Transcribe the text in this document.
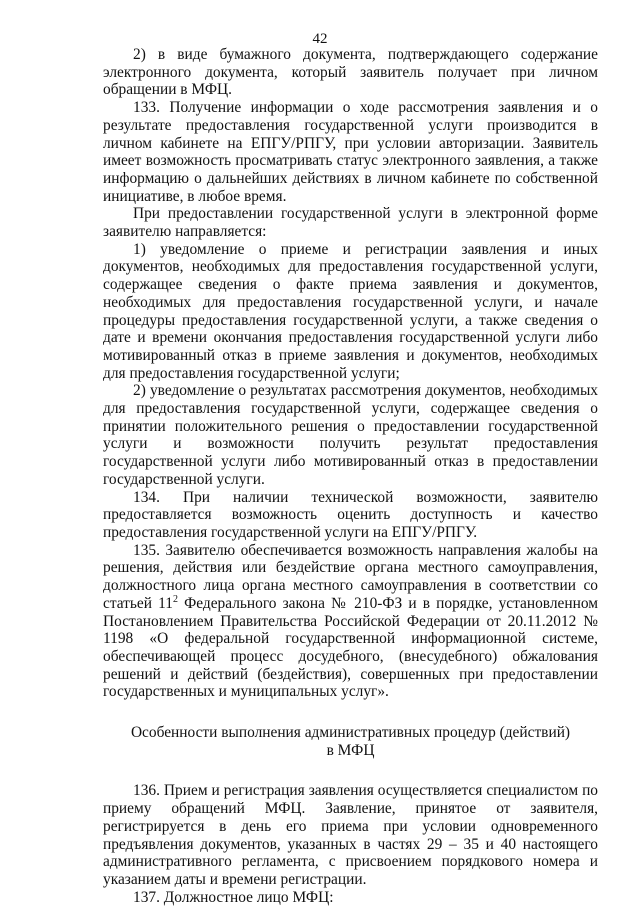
42

2) в виде бумажного документа, подтверждающего содержание электронного документа, который заявитель получает при личном обращении в МФЦ.

133. Получение информации о ходе рассмотрения заявления и о результате предоставления государственной услуги производится в личном кабинете на ЕПГУ/РПГУ, при условии авторизации. Заявитель имеет возможность просматривать статус электронного заявления, а также информацию о дальнейших действиях в личном кабинете по собственной инициативе, в любое время.

При предоставлении государственной услуги в электронной форме заявителю направляется:

1) уведомление о приеме и регистрации заявления и иных документов, необходимых для предоставления государственной услуги, содержащее сведения о факте приема заявления и документов, необходимых для предоставления государственной услуги, и начале процедуры предоставления государственной услуги, а также сведения о дате и времени окончания предоставления государственной услуги либо мотивированный отказ в приеме заявления и документов, необходимых для предоставления государственной услуги;

2) уведомление о результатах рассмотрения документов, необходимых для предоставления государственной услуги, содержащее сведения о принятии положительного решения о предоставлении государственной услуги и возможности получить результат предоставления государственной услуги либо мотивированный отказ в предоставлении государственной услуги.

134. При наличии технической возможности, заявителю предоставляется возможность оценить доступность и качество предоставления государственной услуги на ЕПГУ/РПГУ.

135. Заявителю обеспечивается возможность направления жалобы на решения, действия или бездействие органа местного самоуправления, должностного лица органа местного самоуправления в соответствии со статьей $11^2$ Федерального закона № 210-ФЗ и в порядке, установленном Постановлением Правительства Российской Федерации от 20.11.2012 № 1198 «О федеральной государственной информационной системе, обеспечивающей процесс досудебного, (внесудебного) обжалования решений и действий (бездействия), совершенных при предоставлении государственных и муниципальных услуг».

Особенности выполнения административных процедур (действий)
в МФЦ

136. Прием и регистрация заявления осуществляется специалистом по приему обращений МФЦ. Заявление, принятое от заявителя, регистрируется в день его приема при условии одновременного предъявления документов, указанных в частях 29 – 35 и 40 настоящего административного регламента, с присвоением порядкового номера и указанием даты и времени регистрации.

137. Должностное лицо МФЦ:
